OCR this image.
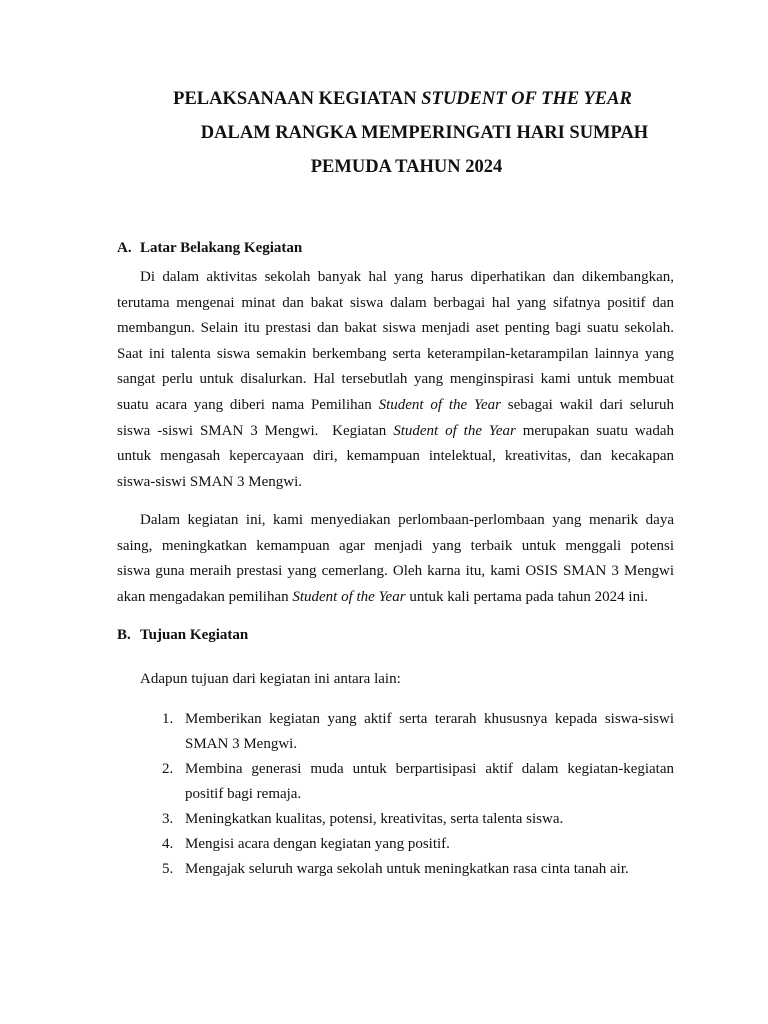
PELAKSANAAN KEGIATAN STUDENT OF THE YEAR
DALAM RANGKA MEMPERINGATI HARI SUMPAH
PEMUDA TAHUN 2024
A. Latar Belakang Kegiatan
Di dalam aktivitas sekolah banyak hal yang harus diperhatikan dan dikembangkan,
terutama mengenai minat dan bakat siswa dalam berbagai hal yang sifatnya positif dan
membangun. Selain itu prestasi dan bakat siswa menjadi aset penting bagi suatu sekolah.
Saat ini talenta siswa semakin berkembang serta keterampilan-ketarampilan lainnya yang
sangat perlu untuk disalurkan. Hal tersebutlah yang menginspirasi kami untuk membuat
suatu acara yang diberi nama Pemilihan Student of the Year sebagai wakil dari seluruh
siswa -siswi SMAN 3 Mengwi.  Kegiatan Student of the Year merupakan suatu wadah
untuk mengasah kepercayaan diri, kemampuan intelektual, kreativitas, dan kecakapan
siswa-siswi SMAN 3 Mengwi.
Dalam kegiatan ini, kami menyediakan perlombaan-perlombaan yang menarik daya
saing, meningkatkan kemampuan agar menjadi yang terbaik untuk menggali potensi
siswa guna meraih prestasi yang cemerlang. Oleh karna itu, kami OSIS SMAN 3 Mengwi
akan mengadakan pemilihan Student of the Year untuk kali pertama pada tahun 2024 ini.
B. Tujuan Kegiatan

Adapun tujuan dari kegiatan ini antara lain:

1. Memberikan kegiatan yang aktif serta terarah khususnya kepada siswa-siswi
SMAN 3 Mengwi.
2. Membina generasi muda untuk berpartisipasi aktif dalam kegiatan-kegiatan
positif bagi remaja.
3. Meningkatkan kualitas, potensi, kreativitas, serta talenta siswa.
4. Mengisi acara dengan kegiatan yang positif.
5. Mengajak seluruh warga sekolah untuk meningkatkan rasa cinta tanah air.
